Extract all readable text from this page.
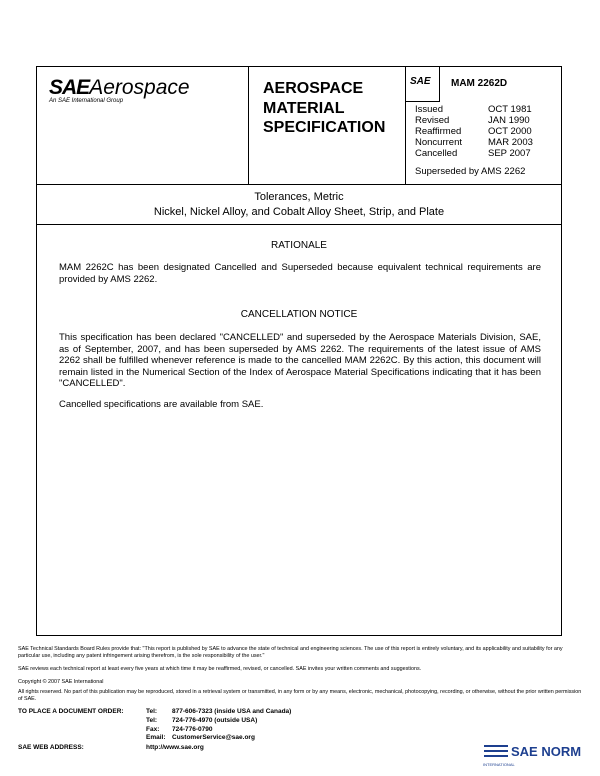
SAEAerospace
An SAE International Group
AEROSPACE
MATERIAL
SPECIFICATION
SAE MAM 2262D
Issued	OCT 1981
Revised	JAN 1990
Reaffirmed	OCT 2000
Noncurrent	MAR 2003
Cancelled	SEP 2007
Superseded by AMS 2262
Tolerances, Metric
Nickel, Nickel Alloy, and Cobalt Alloy Sheet, Strip, and Plate
RATIONALE
MAM 2262C has been designated Cancelled and Superseded because equivalent technical requirements are provided by AMS 2262.
CANCELLATION NOTICE
This specification has been declared "CANCELLED" and superseded by the Aerospace Materials Division, SAE, as of September, 2007, and has been superseded by AMS 2262. The requirements of the latest issue of AMS 2262 shall be fulfilled whenever reference is made to the cancelled MAM 2262C. By this action, this document will remain listed in the Numerical Section of the Index of Aerospace Material Specifications indicating that it has been "CANCELLED".
Cancelled specifications are available from SAE.
SAE Technical Standards Board Rules provide that: "This report is published by SAE to advance the state of technical and engineering sciences. The use of this report is entirely voluntary, and its applicability and suitability for any particular use, including any patent infringement arising therefrom, is the sole responsibility of the user."
SAE reviews each technical report at least every five years at which time it may be reaffirmed, revised, or cancelled. SAE invites your written comments and suggestions.
Copyright © 2007 SAE International
All rights reserved. No part of this publication may be reproduced, stored in a retrieval system or transmitted, in any form or by any means, electronic, mechanical, photocopying, recording, or otherwise, without the prior written permission of SAE.
TO PLACE A DOCUMENT ORDER:	Tel: 877-606-7323 (inside USA and Canada)
Tel: 724-776-4970 (outside USA)
Fax: 724-776-0790
Email: CustomerService@sae.org
SAE WEB ADDRESS:	http://www.sae.org	SAE NORM
INTERNATIONAL
